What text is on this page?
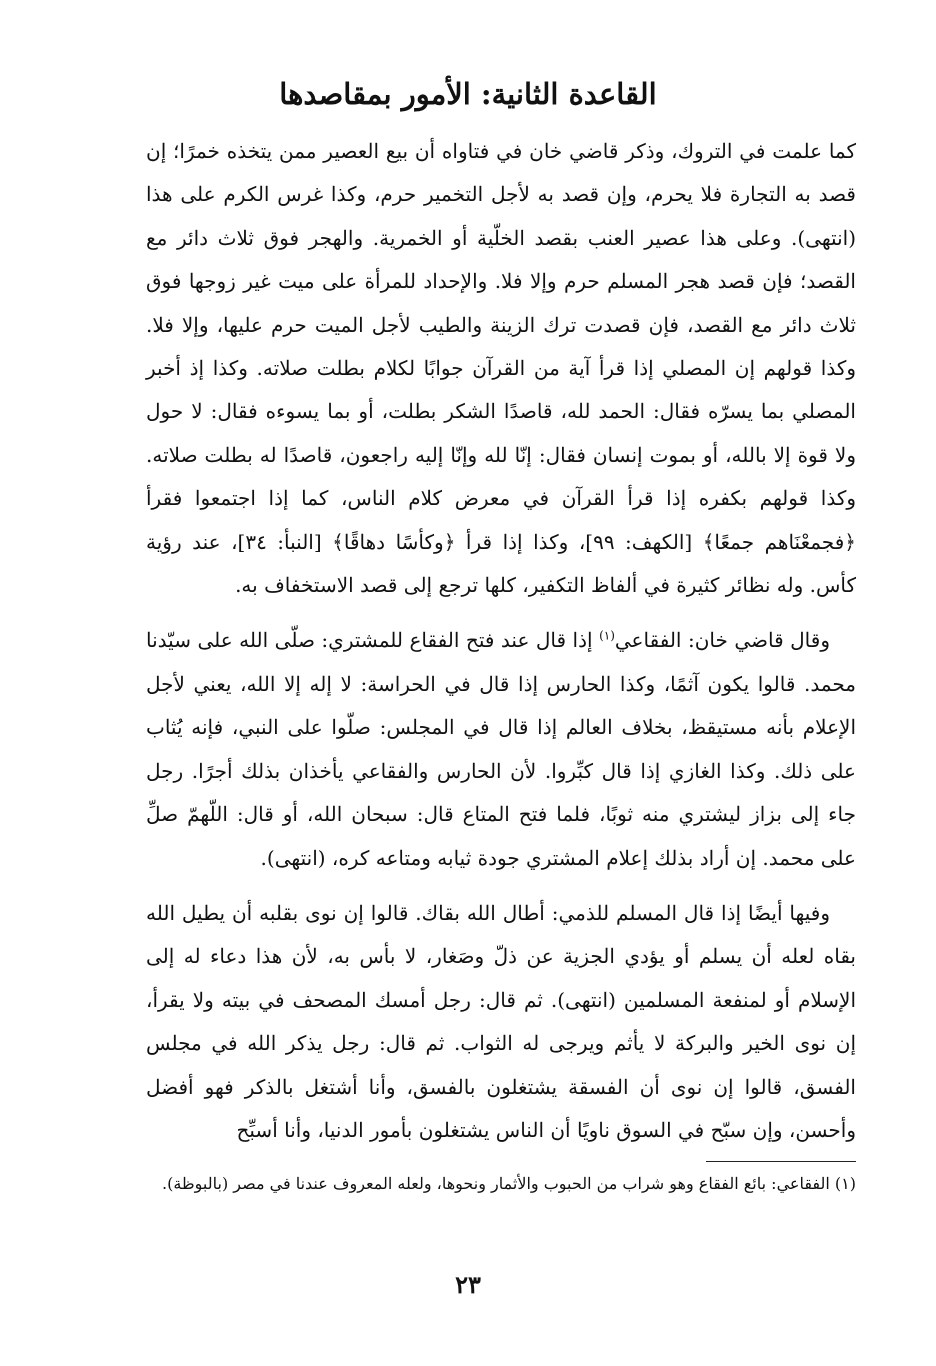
القاعدة الثانية: الأمور بمقاصدها

كما علمت في التروك، وذكر قاضي خان في فتاواه أن بيع العصير ممن يتخذه خمرًا؛ إن قصد به التجارة فلا يحرم، وإن قصد به لأجل التخمير حرم، وكذا غرس الكرم على هذا (انتهى). وعلى هذا عصير العنب بقصد الخلّية أو الخمرية. والهجر فوق ثلاث دائر مع القصد؛ فإن قصد هجر المسلم حرم وإلا فلا. والإحداد للمرأة على ميت غير زوجها فوق ثلاث دائر مع القصد، فإن قصدت ترك الزينة والطيب لأجل الميت حرم عليها، وإلا فلا. وكذا قولهم إن المصلي إذا قرأ آية من القرآن جوابًا لكلام بطلت صلاته. وكذا إذ أخبر المصلي بما يسرّه فقال: الحمد لله، قاصدًا الشكر بطلت، أو بما يسوءه فقال: لا حول ولا قوة إلا بالله، أو بموت إنسان فقال: إنّا لله وإنّا إليه راجعون، قاصدًا له بطلت صلاته. وكذا قولهم بكفره إذا قرأ القرآن في معرض كلام الناس، كما إذا اجتمعوا فقرأ ﴿فجمعْنَاهم جمعًا﴾ [الكهف: ٩٩]، وكذا إذا قرأ ﴿وكأسًا دهاقًا﴾ [النبأ: ٣٤]، عند رؤية كأس. وله نظائر كثيرة في ألفاظ التكفير، كلها ترجع إلى قصد الاستخفاف به.

وقال قاضي خان: الفقاعي$^{(١)}$ إذا قال عند فتح الفقاع للمشتري: صلّى الله على سيّدنا محمد. قالوا يكون آثمًا، وكذا الحارس إذا قال في الحراسة: لا إله إلا الله، يعني لأجل الإعلام بأنه مستيقظ، بخلاف العالم إذا قال في المجلس: صلّوا على النبي، فإنه يُثاب على ذلك. وكذا الغازي إذا قال كبِّروا. لأن الحارس والفقاعي يأخذان بذلك أجرًا. رجل جاء إلى بزاز ليشتري منه ثوبًا، فلما فتح المتاع قال: سبحان الله، أو قال: اللّهمّ صلِّ على محمد. إن أراد بذلك إعلام المشتري جودة ثيابه ومتاعه كره، (انتهى).

وفيها أيضًا إذا قال المسلم للذمي: أطال الله بقاك. قالوا إن نوى بقلبه أن يطيل الله بقاه لعله أن يسلم أو يؤدي الجزية عن ذلّ وصَغار، لا بأس به، لأن هذا دعاء له إلى الإسلام أو لمنفعة المسلمين (انتهى). ثم قال: رجل أمسك المصحف في بيته ولا يقرأ، إن نوى الخير والبركة لا يأثم ويرجى له الثواب. ثم قال: رجل يذكر الله في مجلس الفسق، قالوا إن نوى أن الفسقة يشتغلون بالفسق، وأنا أشتغل بالذكر فهو أفضل وأحسن، وإن سبّح في السوق ناويًا أن الناس يشتغلون بأمور الدنيا، وأنا أسبِّح

(١) الفقاعي: بائع الفقاع وهو شراب من الحبوب والأثمار ونحوها، ولعله المعروف عندنا في مصر (بالبوظة).
٢٣
